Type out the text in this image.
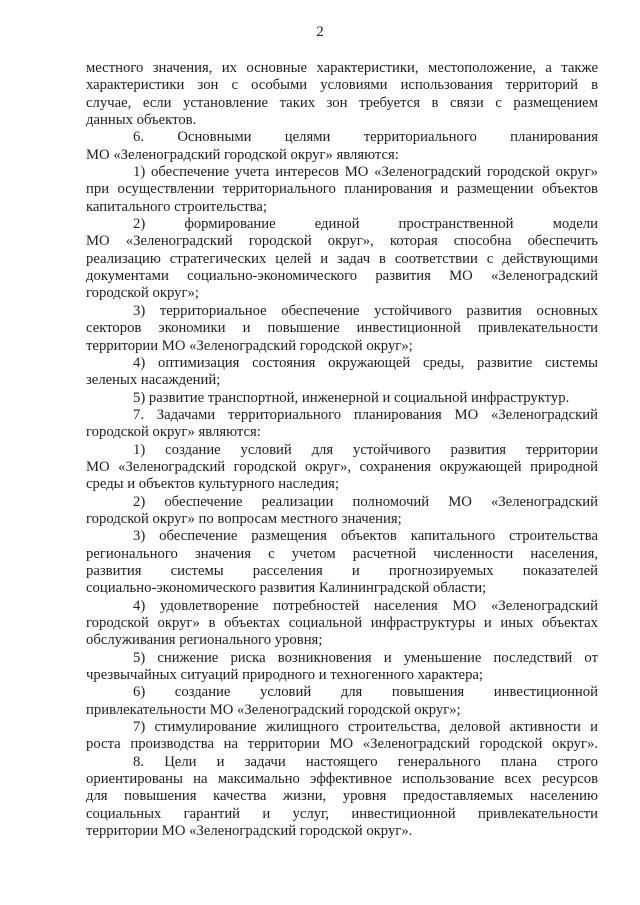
2
местного значения, их основные характеристики, местоположение, а также
характеристики зон с особыми условиями использования территорий в
случае, если установление таких зон требуется в связи с размещением
данных объектов.
6. Основными целями территориального планирования
МО «Зеленоградский городской округ» являются:
1) обеспечение учета интересов МО «Зеленоградский городской округ»
при осуществлении территориального планирования и размещении объектов
капитального строительства;
2) формирование единой пространственной модели
МО «Зеленоградский городской округ», которая способна обеспечить
реализацию стратегических целей и задач в соответствии с действующими
документами социально-экономического развития МО «Зеленоградский
городской округ»;
3) территориальное обеспечение устойчивого развития основных
секторов экономики и повышение инвестиционной привлекательности
территории МО «Зеленоградский городской округ»;
4) оптимизация состояния окружающей среды, развитие системы
зеленых насаждений;
5) развитие транспортной, инженерной и социальной инфраструктур.
7. Задачами территориального планирования МО «Зеленоградский
городской округ» являются:
1) создание условий для устойчивого развития территории
МО «Зеленоградский городской округ», сохранения окружающей природной
среды и объектов культурного наследия;
2) обеспечение реализации полномочий МО «Зеленоградский
городской округ» по вопросам местного значения;
3) обеспечение размещения объектов капитального строительства
регионального значения с учетом расчетной численности населения,
развития системы расселения и прогнозируемых показателей
социально-экономического развития Калининградской области;
4) удовлетворение потребностей населения МО «Зеленоградский
городской округ» в объектах социальной инфраструктуры и иных объектах
обслуживания регионального уровня;
5) снижение риска возникновения и уменьшение последствий от
чрезвычайных ситуаций природного и техногенного характера;
6) создание условий для повышения инвестиционной
привлекательности МО «Зеленоградский городской округ»;
7) стимулирование жилищного строительства, деловой активности и
роста производства на территории МО «Зеленоградский городской округ».
8. Цели и задачи настоящего генерального плана строго
ориентированы на максимально эффективное использование всех ресурсов
для повышения качества жизни, уровня предоставляемых населению
социальных гарантий и услуг, инвестиционной привлекательности
территории МО «Зеленоградский городской округ».
